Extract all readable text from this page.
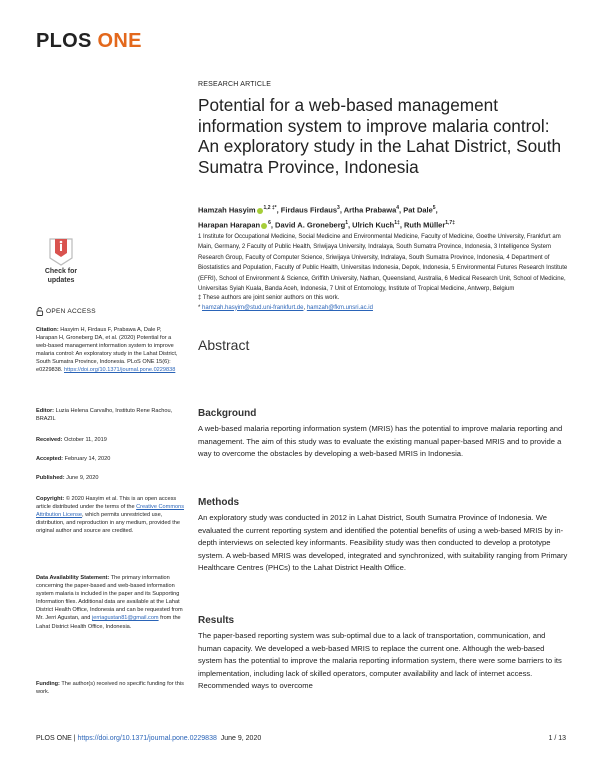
PLOS ONE
RESEARCH ARTICLE
Potential for a web-based management information system to improve malaria control: An exploratory study in the Lahat District, South Sumatra Province, Indonesia
Hamzah Hasyim $^{1,2 \ddagger*}$, Firdaus Firdaus$^3$, Artha Prabawa$^4$, Pat Dale$^5$,
Harapan Harapan $^6$, David A. Groneberg$^1$, Ulrich Kuch$^{1\ddagger}$, Ruth Müller$^{1,7\ddagger}$
1 Institute for Occupational Medicine, Social Medicine and Environmental Medicine, Faculty of Medicine, Goethe University, Frankfurt am Main, Germany, 2 Faculty of Public Health, Sriwijaya University, Indralaya, South Sumatra Province, Indonesia, 3 Intelligence System Research Group, Faculty of Computer Science, Sriwijaya University, Indralaya, South Sumatra Province, Indonesia, 4 Department of Biostatistics and Population, Faculty of Public Health, Universitas Indonesia, Depok, Indonesia, 5 Environmental Futures Research Institute (EFRI), School of Environment & Science, Griffith University, Nathan, Queensland, Australia, 6 Medical Research Unit, School of Medicine, Universitas Syiah Kuala, Banda Aceh, Indonesia, 7 Unit of Entomology, Institute of Tropical Medicine, Antwerp, Belgium
‡ These authors are joint senior authors on this work.
* hamzah.hasyim@stud.uni-frankfurt.de, hamzah@fkm.unsri.ac.id
Abstract
Background
A web-based malaria reporting information system (MRIS) has the potential to improve malaria reporting and management. The aim of this study was to evaluate the existing manual paper-based MRIS and to provide a way to overcome the obstacles by developing a web-based MRIS in Indonesia.
Methods
An exploratory study was conducted in 2012 in Lahat District, South Sumatra Province of Indonesia. We evaluated the current reporting system and identified the potential benefits of using a web-based MRIS by in-depth interviews on selected key informants. Feasibility study was then conducted to develop a prototype system. A web-based MRIS was developed, integrated and synchronized, with suitability ranging from Primary Healthcare Centres (PHCs) to the Lahat District Health Office.
Results
The paper-based reporting system was sub-optimal due to a lack of transportation, communication, and human capacity. We developed a web-based MRIS to replace the current one. Although the web-based system has the potential to improve the malaria reporting information system, there were some barriers to its implementation, including lack of skilled operators, computer availability and lack of internet access. Recommended ways to overcome
Check for
updates
OPEN ACCESS
Citation: Hasyim H, Firdaus F, Prabawa A, Dale P, Harapan H, Groneberg DA, et al. (2020) Potential for a web-based management information system to improve malaria control: An exploratory study in the Lahat District, South Sumatra Province, Indonesia. PLoS ONE 15(6): e0229838. https://doi.org/10.1371/journal.pone.0229838
Editor: Luzia Helena Carvalho, Instituto Rene Rachou, BRAZIL
Received: October 11, 2019
Accepted: February 14, 2020
Published: June 9, 2020
Copyright: © 2020 Hasyim et al. This is an open access article distributed under the terms of the Creative Commons Attribution License, which permits unrestricted use, distribution, and reproduction in any medium, provided the original author and source are credited.
Data Availability Statement: The primary information concerning the paper-based and web-based information system malaria is included in the paper and its Supporting Information files. Additional data are available at the Lahat District Health Office, Indonesia and can be requested from Mr. Jerri Agustan, and jerriagustan81@gmail.com from the Lahat District Health Office, Indonesia.
Funding: The author(s) received no specific funding for this work.
PLOS ONE | https://doi.org/10.1371/journal.pone.0229838 June 9, 2020	1 / 13
